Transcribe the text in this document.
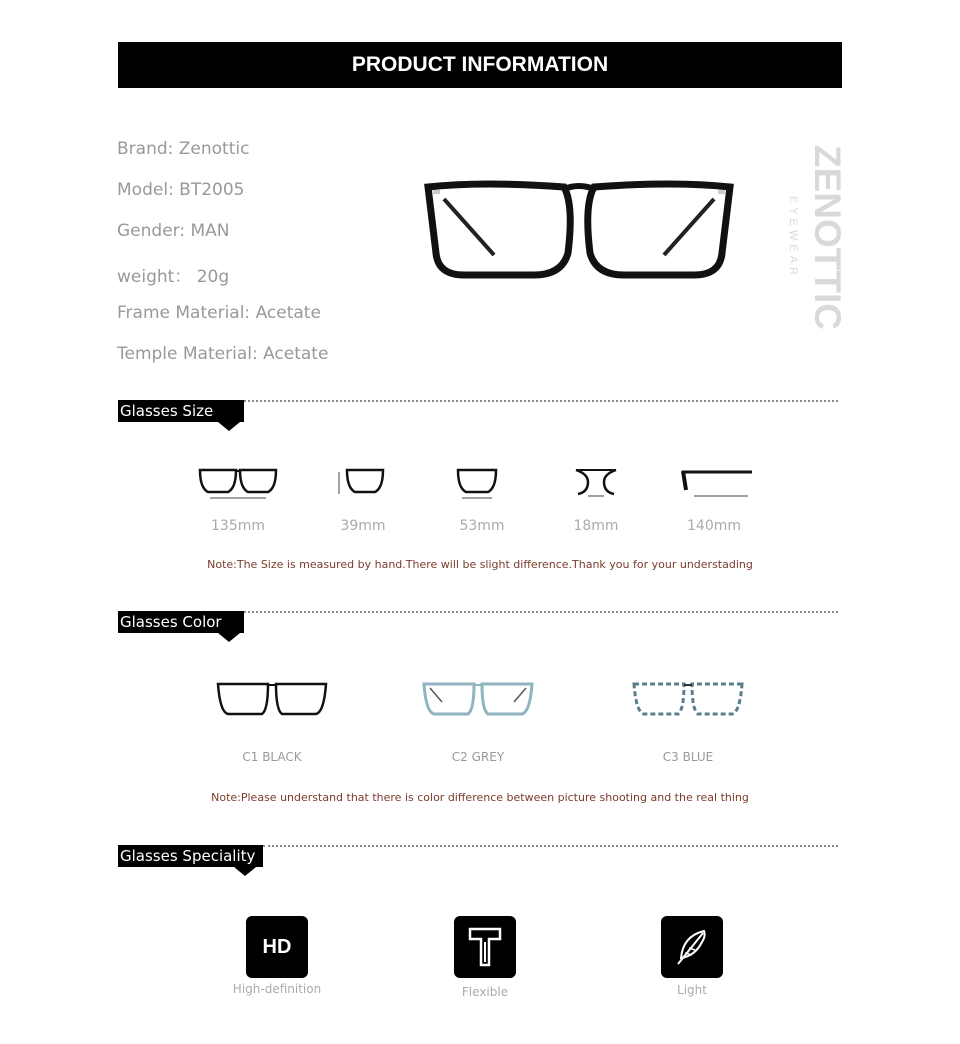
PRODUCT INFORMATION
Brand: Zenottic
Model: BT2005
Gender: MAN
weight： 20g
Frame Material: Acetate
Temple Material: Acetate
ZENOTTIC
EYEWEAR
Glasses Size
135mm	39mm	53mm	18mm	140mm
Note:The Size is measured by hand.There will be slight difference.Thank you for your understading
Glasses Color
C1 BLACK	C2 GREY	C3 BLUE
Note:Please understand that there is color difference between picture shooting and the real thing
Glasses Speciality
HD
High-definition	Flexible	Light
